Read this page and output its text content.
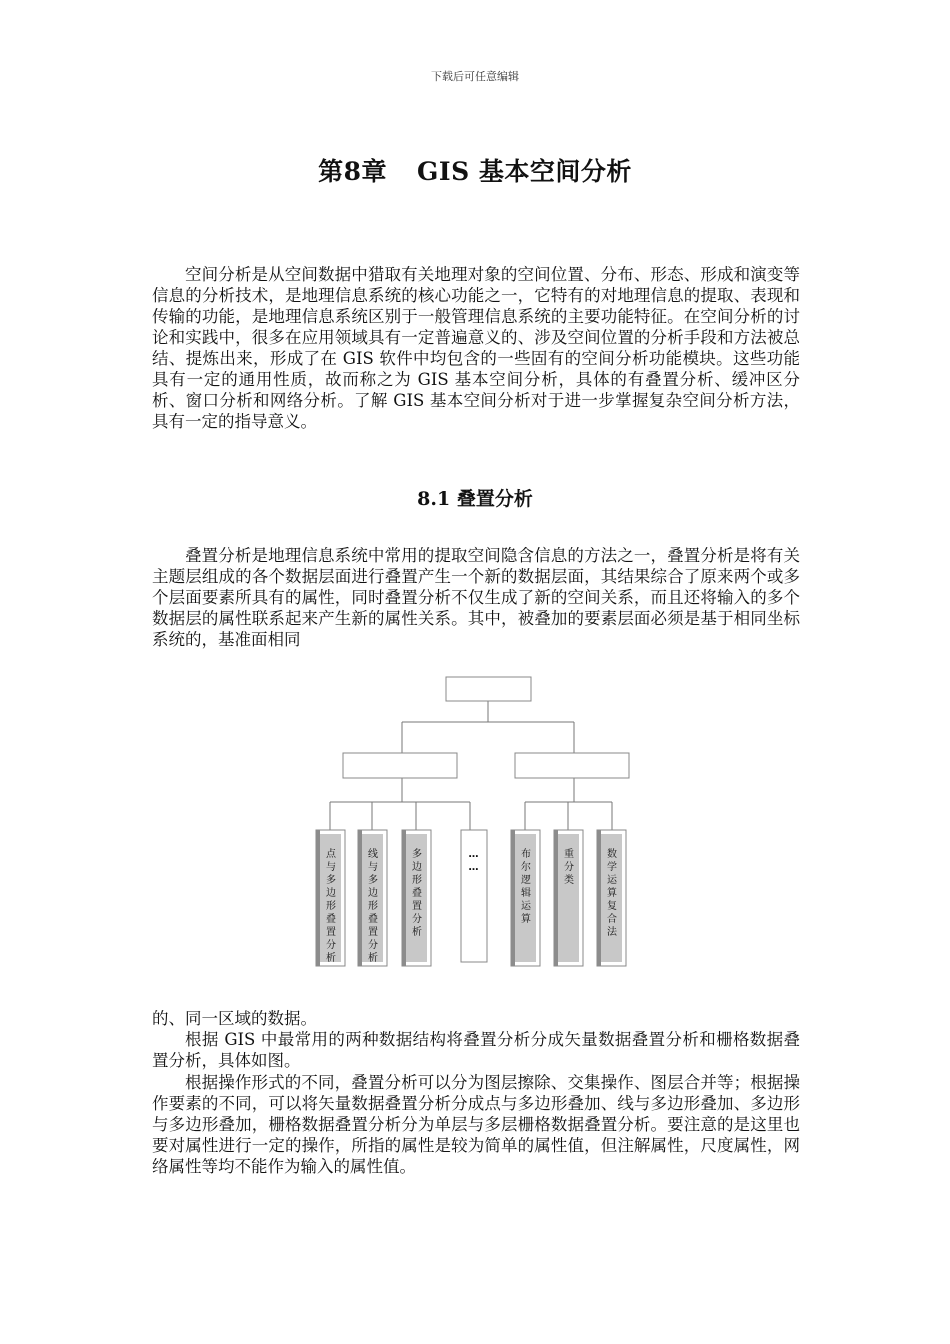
下载后可任意编辑
第8章 GIS 基本空间分析

空间分析是从空间数据中猎取有关地理对象的空间位置、分布、形态、形成和演变等信息的分析技术，是地理信息系统的核心功能之一，它特有的对地理信息的提取、表现和传输的功能，是地理信息系统区别于一般管理信息系统的主要功能特征。在空间分析的讨论和实践中，很多在应用领域具有一定普遍意义的、涉及空间位置的分析手段和方法被总结、提炼出来，形成了在 GIS 软件中均包含的一些固有的空间分析功能模块。这些功能具有一定的通用性质，故而称之为 GIS 基本空间分析，具体的有叠置分析、缓冲区分析、窗口分析和网络分析。了解 GIS 基本空间分析对于进一步掌握复杂空间分析方法，具有一定的指导意义。

8.1 叠置分析

叠置分析是地理信息系统中常用的提取空间隐含信息的方法之一，叠置分析是将有关主题层组成的各个数据层面进行叠置产生一个新的数据层面，其结果综合了原来两个或多个层面要素所具有的属性，同时叠置分析不仅生成了新的空间关系，而且还将输入的多个数据层的属性联系起来产生新的属性关系。其中，被叠加的要素层面必须是基于相同坐标系统的，基准面相同

点
与
多
边
形
叠
置
分
析
线
与
多
边
形
叠
置
分
析
多
边
形
叠
置
分
析
…
…
布
尔
逻
辑
运
算
重
分
类
数
学
运
算
复
合
法

的、同一区域的数据。

根据 GIS 中最常用的两种数据结构将叠置分析分成矢量数据叠置分析和栅格数据叠置分析，具体如图。

根据操作形式的不同，叠置分析可以分为图层擦除、交集操作、图层合并等；根据操作要素的不同，可以将矢量数据叠置分析分成点与多边形叠加、线与多边形叠加、多边形与多边形叠加，栅格数据叠置分析分为单层与多层栅格数据叠置分析。要注意的是这里也要对属性进行一定的操作，所指的属性是较为简单的属性值，但注解属性，尺度属性，网络属性等均不能作为输入的属性值。
